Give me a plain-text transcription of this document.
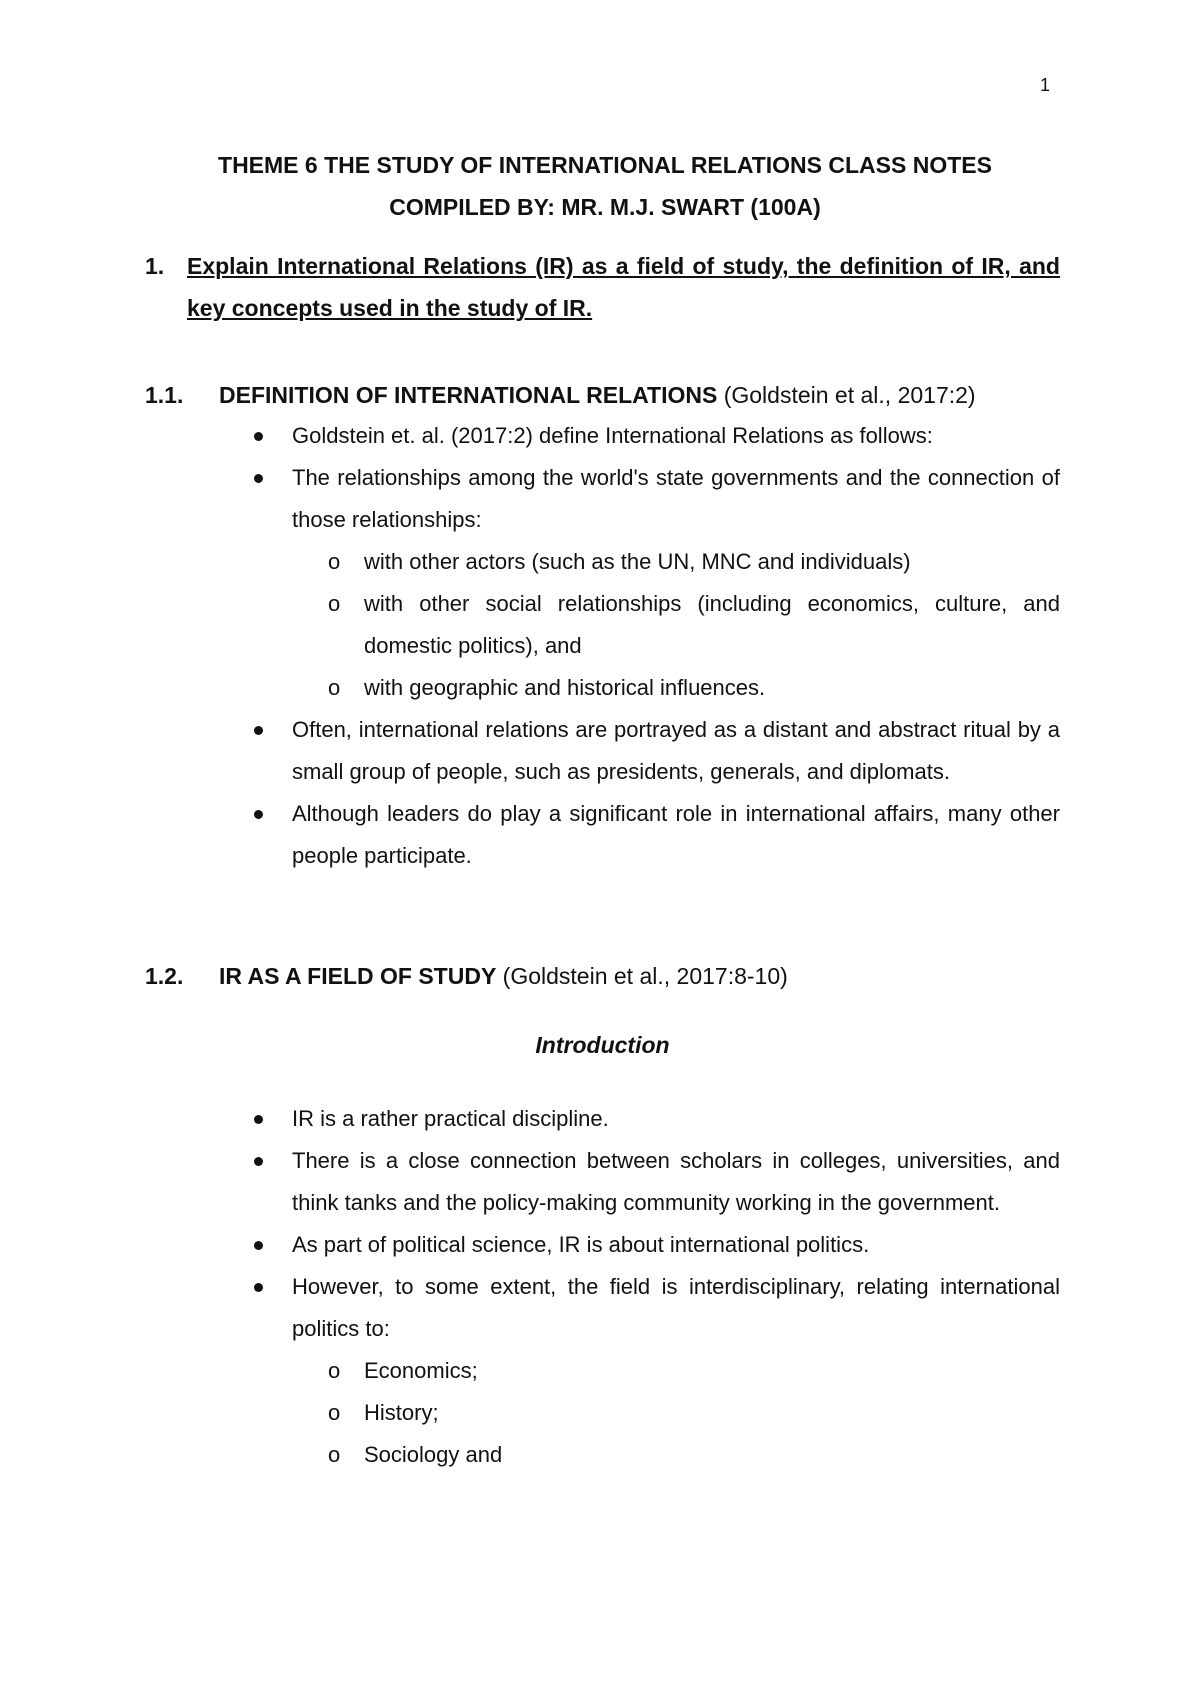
1
THEME 6 THE STUDY OF INTERNATIONAL RELATIONS CLASS NOTES
COMPILED BY: MR. M.J. SWART (100A)
1. Explain International Relations (IR) as a field of study, the definition of IR, and key concepts used in the study of IR.
1.1. DEFINITION OF INTERNATIONAL RELATIONS (Goldstein et al., 2017:2)
Goldstein et. al. (2017:2) define International Relations as follows:
The relationships among the world's state governments and the connection of those relationships:
o with other actors (such as the UN, MNC and individuals)
o with other social relationships (including economics, culture, and domestic politics), and
o with geographic and historical influences.
Often, international relations are portrayed as a distant and abstract ritual by a small group of people, such as presidents, generals, and diplomats.
Although leaders do play a significant role in international affairs, many other people participate.
1.2. IR AS A FIELD OF STUDY (Goldstein et al., 2017:8-10)
Introduction
IR is a rather practical discipline.
There is a close connection between scholars in colleges, universities, and think tanks and the policy-making community working in the government.
As part of political science, IR is about international politics.
However, to some extent, the field is interdisciplinary, relating international politics to:
o Economics;
o History;
o Sociology and
